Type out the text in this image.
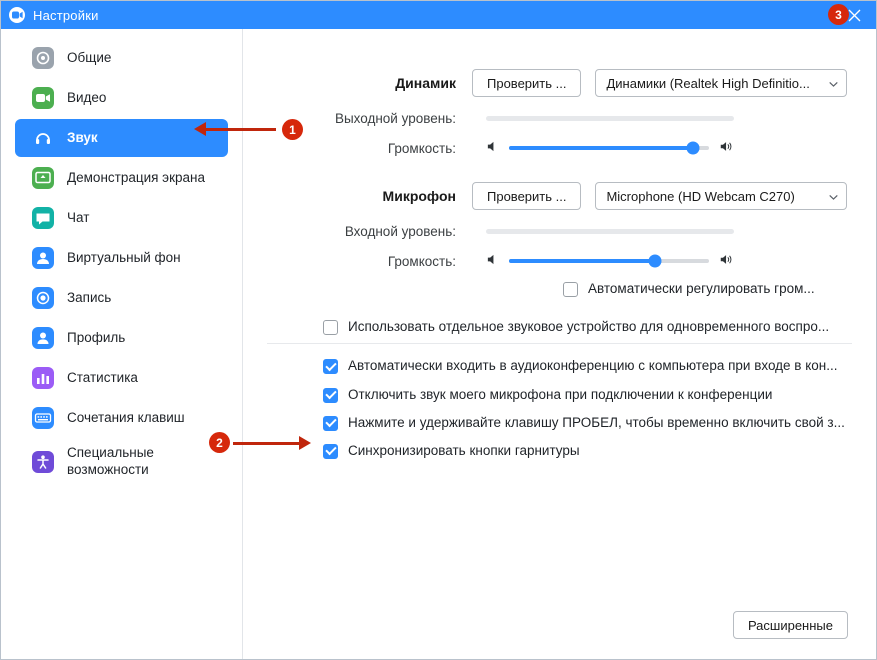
Настройки
Общие
Видео
Звук
Демонстрация экрана
Чат
Виртуальный фон
Запись
Профиль
Статистика
Сочетания клавиш
Специальные возможности
Динамик	Проверить ...	Динамики (Realtek High Definitio...
Выходной уровень:
Громкость:
Микрофон	Проверить ...	Microphone (HD Webcam C270)
Входной уровень:
Громкость:
Автоматически регулировать гром...
Использовать отдельное звуковое устройство для одновременного воспро...
Автоматически входить в аудиоконференцию с компьютера при входе в кон...
Отключить звук моего микрофона при подключении к конференции
Нажмите и удерживайте клавишу ПРОБЕЛ, чтобы временно включить свой з...
Синхронизировать кнопки гарнитуры
Расширенные
3
1
2
